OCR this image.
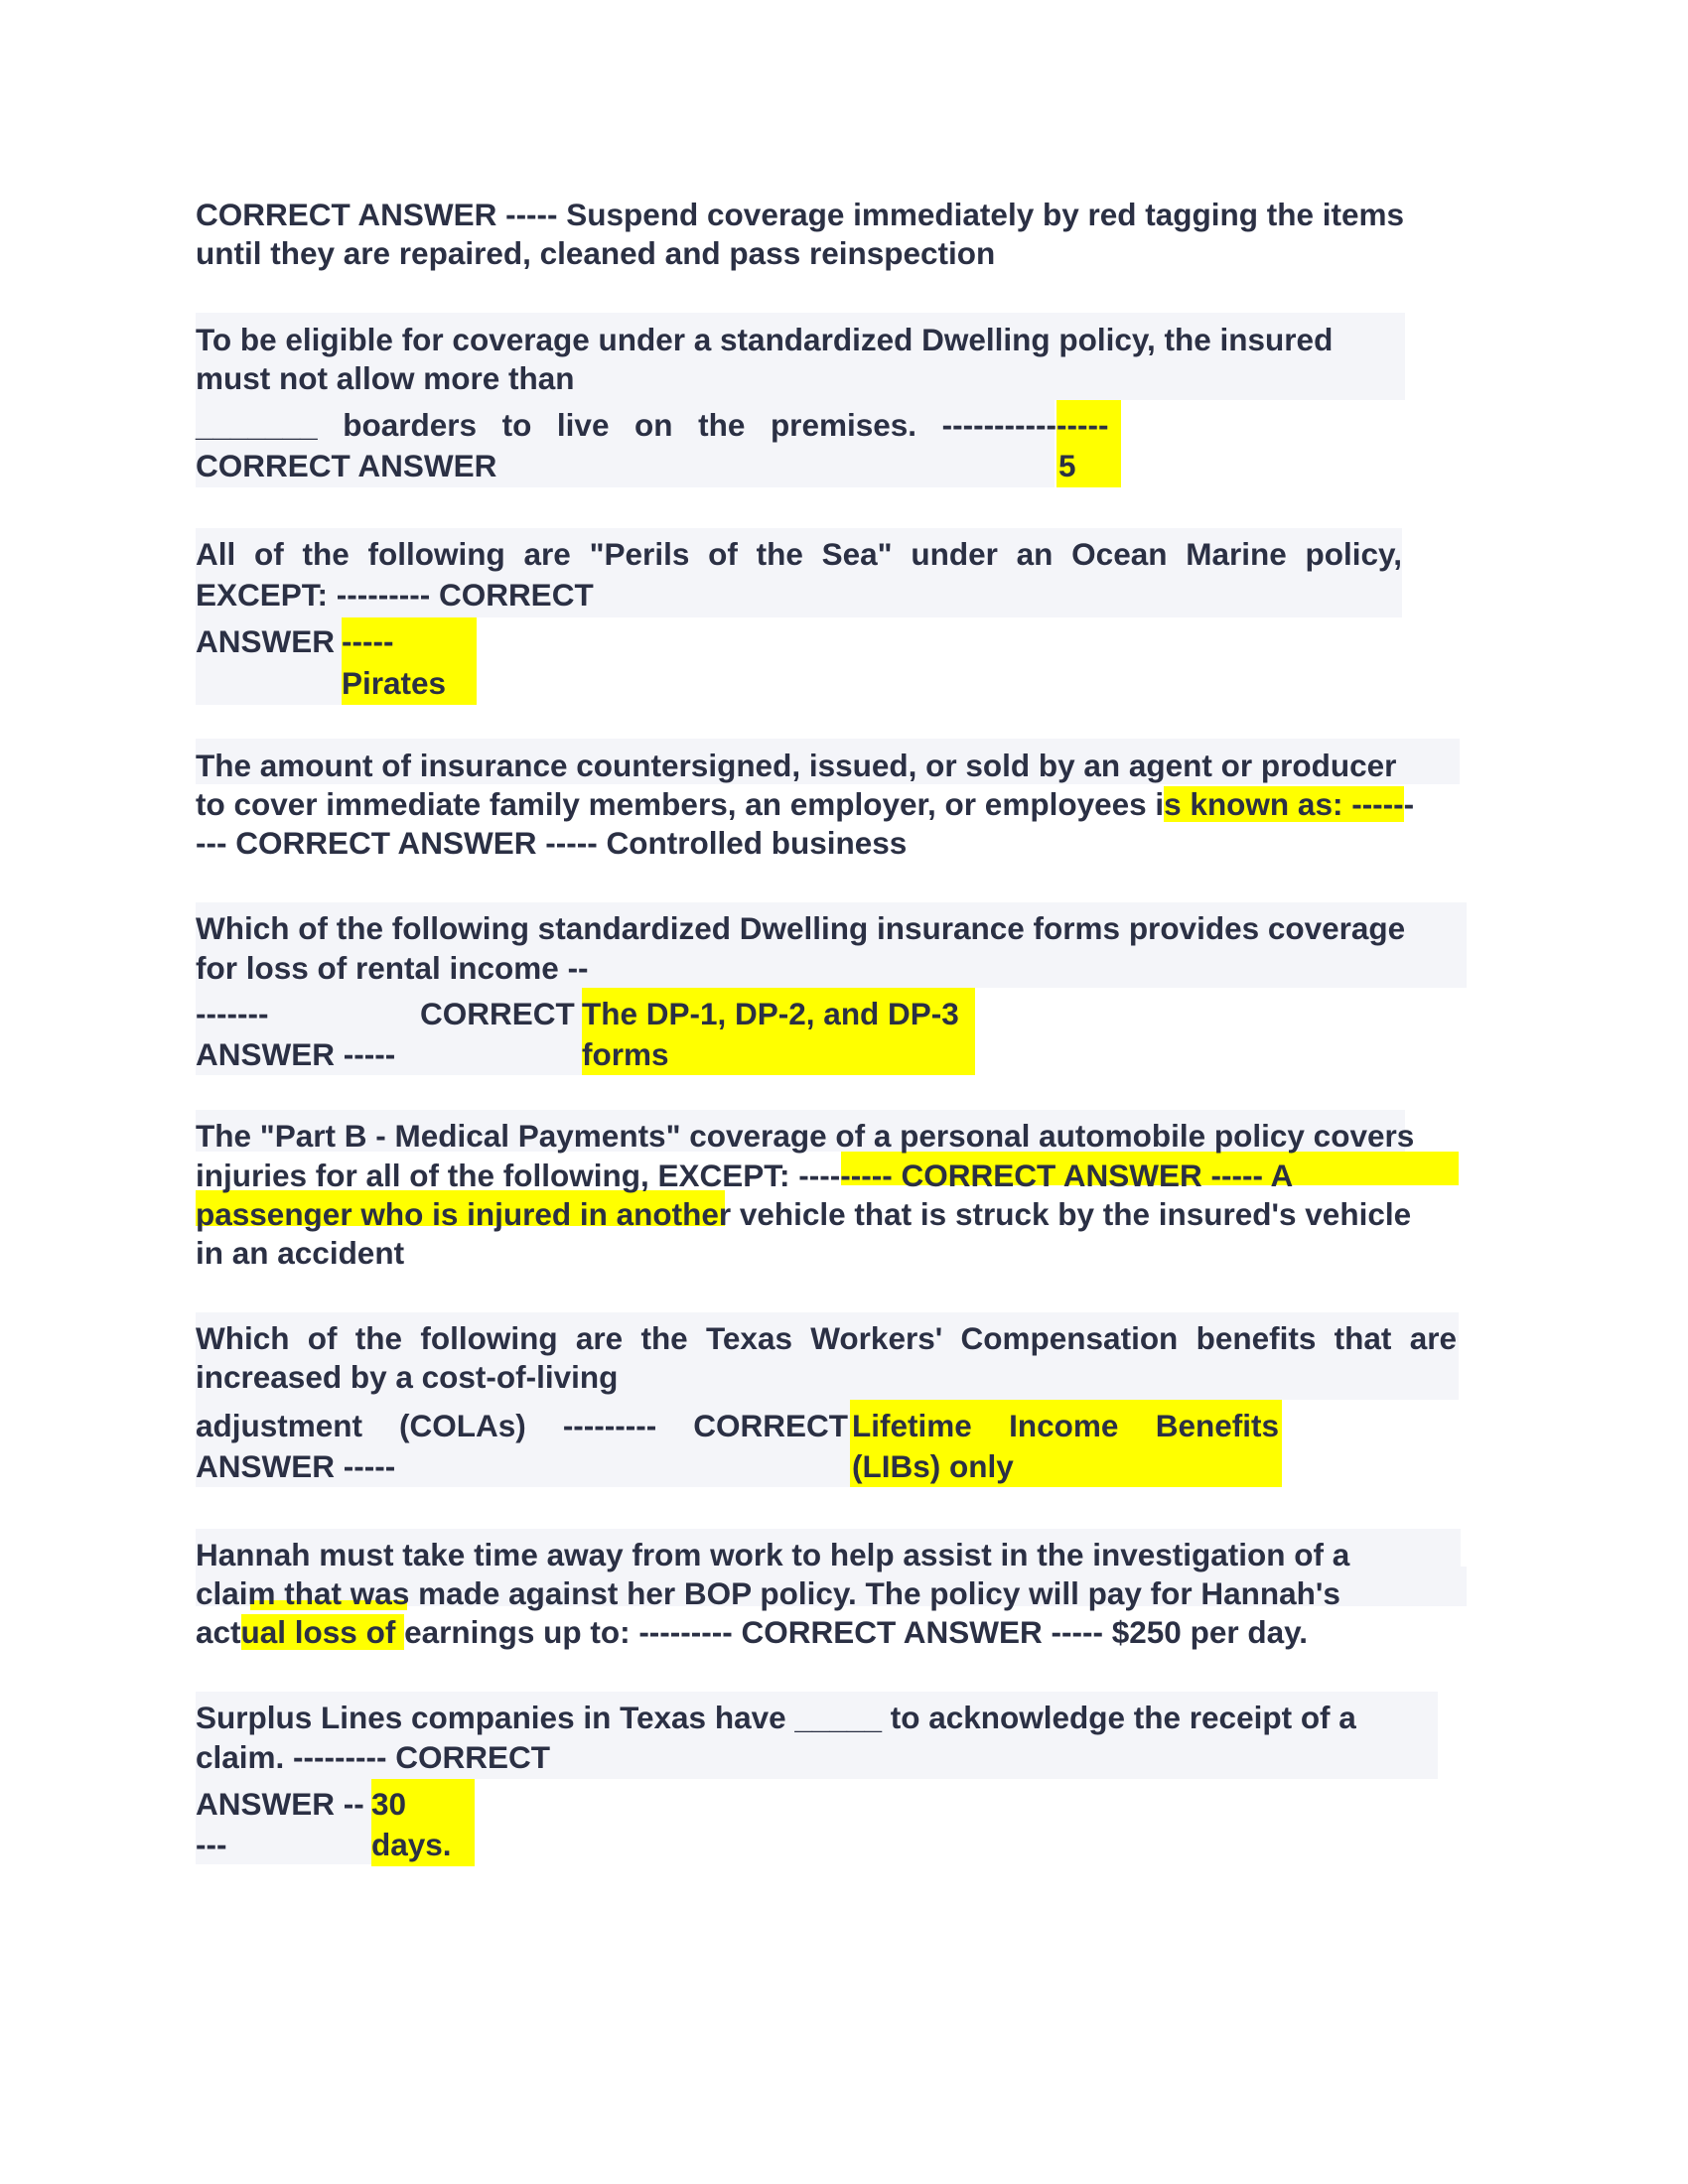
CORRECT ANSWER ----- Suspend coverage immediately by red tagging the items
until they are repaired, cleaned and pass reinspection
To be eligible for coverage under a standardized Dwelling policy, the insured
must not allow more than
_______ boarders to live on the premises. ----------- -----
CORRECT ANSWER	5
All of the following are "Perils of the Sea" under an Ocean Marine policy,
EXCEPT: --------- CORRECT
ANSWER -----
Pirates
The amount of insurance countersigned, issued, or sold by an agent or producer
to cover immediate family members, an employer, or employees is known as: ------
--- CORRECT ANSWER ----- Controlled business
Which of the following standardized Dwelling insurance forms provides coverage
for loss of rental income --
-------	CORRECT
ANSWER -----
The DP-1, DP-2, and DP-3
forms
The "Part B - Medical Payments" coverage of a personal automobile policy covers
injuries for all of the following, EXCEPT: --------- CORRECT ANSWER ----- A
passenger who is injured in another vehicle that is struck by the insured's vehicle
in an accident
Which of the following are the Texas Workers' Compensation benefits that are
increased by a cost-of-living
adjustment (COLAs) --------- CORRECT
ANSWER -----
Lifetime Income Benefits
(LIBs) only
Hannah must take time away from work to help assist in the investigation of a
claim that was made against her BOP policy. The policy will pay for Hannah's
actual loss of earnings up to: --------- CORRECT ANSWER ----- $250 per day.
Surplus Lines companies in Texas have _____ to acknowledge the receipt of a
claim. --------- CORRECT
ANSWER --
---
30
days.
